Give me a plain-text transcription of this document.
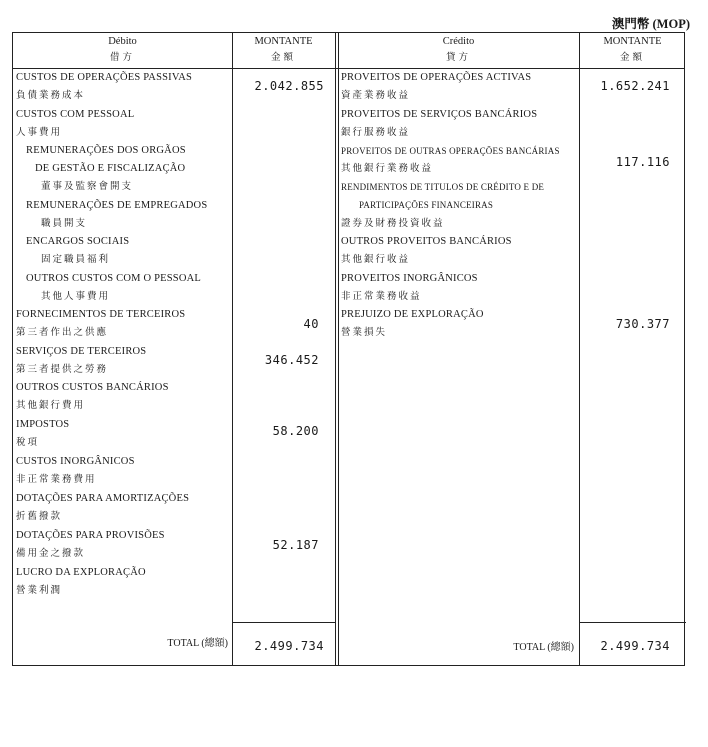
澳門幣 (MOP)
Débito
借方
MONTANTE
金額
Crédito
貸方
MONTANTE
金額
CUSTOS DE OPERAÇÕES PASSIVAS
負債業務成本
CUSTOS COM PESSOAL
人事費用
REMUNERAÇÕES DOS ORGÃOS
DE GESTÃO E FISCALIZAÇÃO
董事及監察會開支
REMUNERAÇÕES DE EMPREGADOS
職員開支
ENCARGOS SOCIAIS
固定職員福利
OUTROS CUSTOS COM O PESSOAL
其他人事費用
FORNECIMENTOS DE TERCEIROS
第三者作出之供應
SERVIÇOS DE TERCEIROS
第三者提供之勞務
OUTROS CUSTOS BANCÁRIOS
其他銀行費用
IMPOSTOS
稅項
CUSTOS INORGÂNICOS
非正常業務費用
DOTAÇÕES PARA AMORTIZAÇÕES
折舊撥款
DOTAÇÕES PARA PROVISÕES
備用金之撥款
LUCRO DA EXPLORAÇÃO
營業利潤
2.042.855
40
346.452
58.200
52.187
PROVEITOS DE OPERAÇÕES ACTIVAS
資產業務收益
PROVEITOS DE SERVIÇOS BANCÁRIOS
銀行服務收益
PROVEITOS DE OUTRAS OPERAÇÕES BANCÁRIAS
其他銀行業務收益
RENDIMENTOS DE TITULOS DE CRÉDITO E DE
PARTICIPAÇÕES FINANCEIRAS
證券及財務投資收益
OUTROS PROVEITOS BANCÁRIOS
其他銀行收益
PROVEITOS INORGÂNICOS
非正常業務收益
PREJUIZO DE EXPLORAÇÃO
營業損失
1.652.241
117.116
730.377
TOTAL (總額) 2.499.734	TOTAL (總額) 2.499.734
